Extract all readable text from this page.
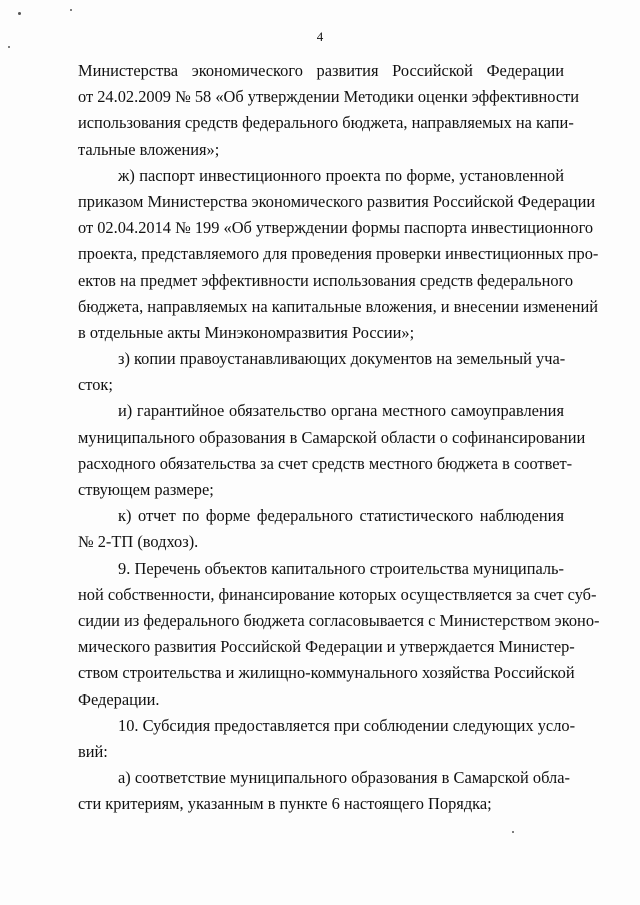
4
Министерства экономического развития Российской Федерации
от 24.02.2009 № 58 «Об утверждении Методики оценки эффективности
использования средств федерального бюджета, направляемых на капи-
тальные вложения»;
ж) паспорт инвестиционного проекта по форме, установленной
приказом Министерства экономического развития Российской Федерации
от 02.04.2014 № 199 «Об утверждении формы паспорта инвестиционного
проекта, представляемого для проведения проверки инвестиционных про-
ектов на предмет эффективности использования средств федерального
бюджета, направляемых на капитальные вложения, и внесении изменений
в отдельные акты Минэкономразвития России»;
з) копии правоустанавливающих документов на земельный уча-
сток;
и) гарантийное обязательство органа местного самоуправления
муниципального образования в Самарской области о софинансировании
расходного обязательства за счет средств местного бюджета в соответ-
ствующем размере;
к) отчет по форме федерального статистического наблюдения
№ 2-ТП (водхоз).
9. Перечень объектов капитального строительства муниципаль-
ной собственности, финансирование которых осуществляется за счет суб-
сидии из федерального бюджета согласовывается с Министерством эконо-
мического развития Российской Федерации и утверждается Министер-
ством строительства и жилищно-коммунального хозяйства Российской
Федерации.
10. Субсидия предоставляется при соблюдении следующих усло-
вий:
а) соответствие муниципального образования в Самарской обла-
сти критериям, указанным в пункте 6 настоящего Порядка;
